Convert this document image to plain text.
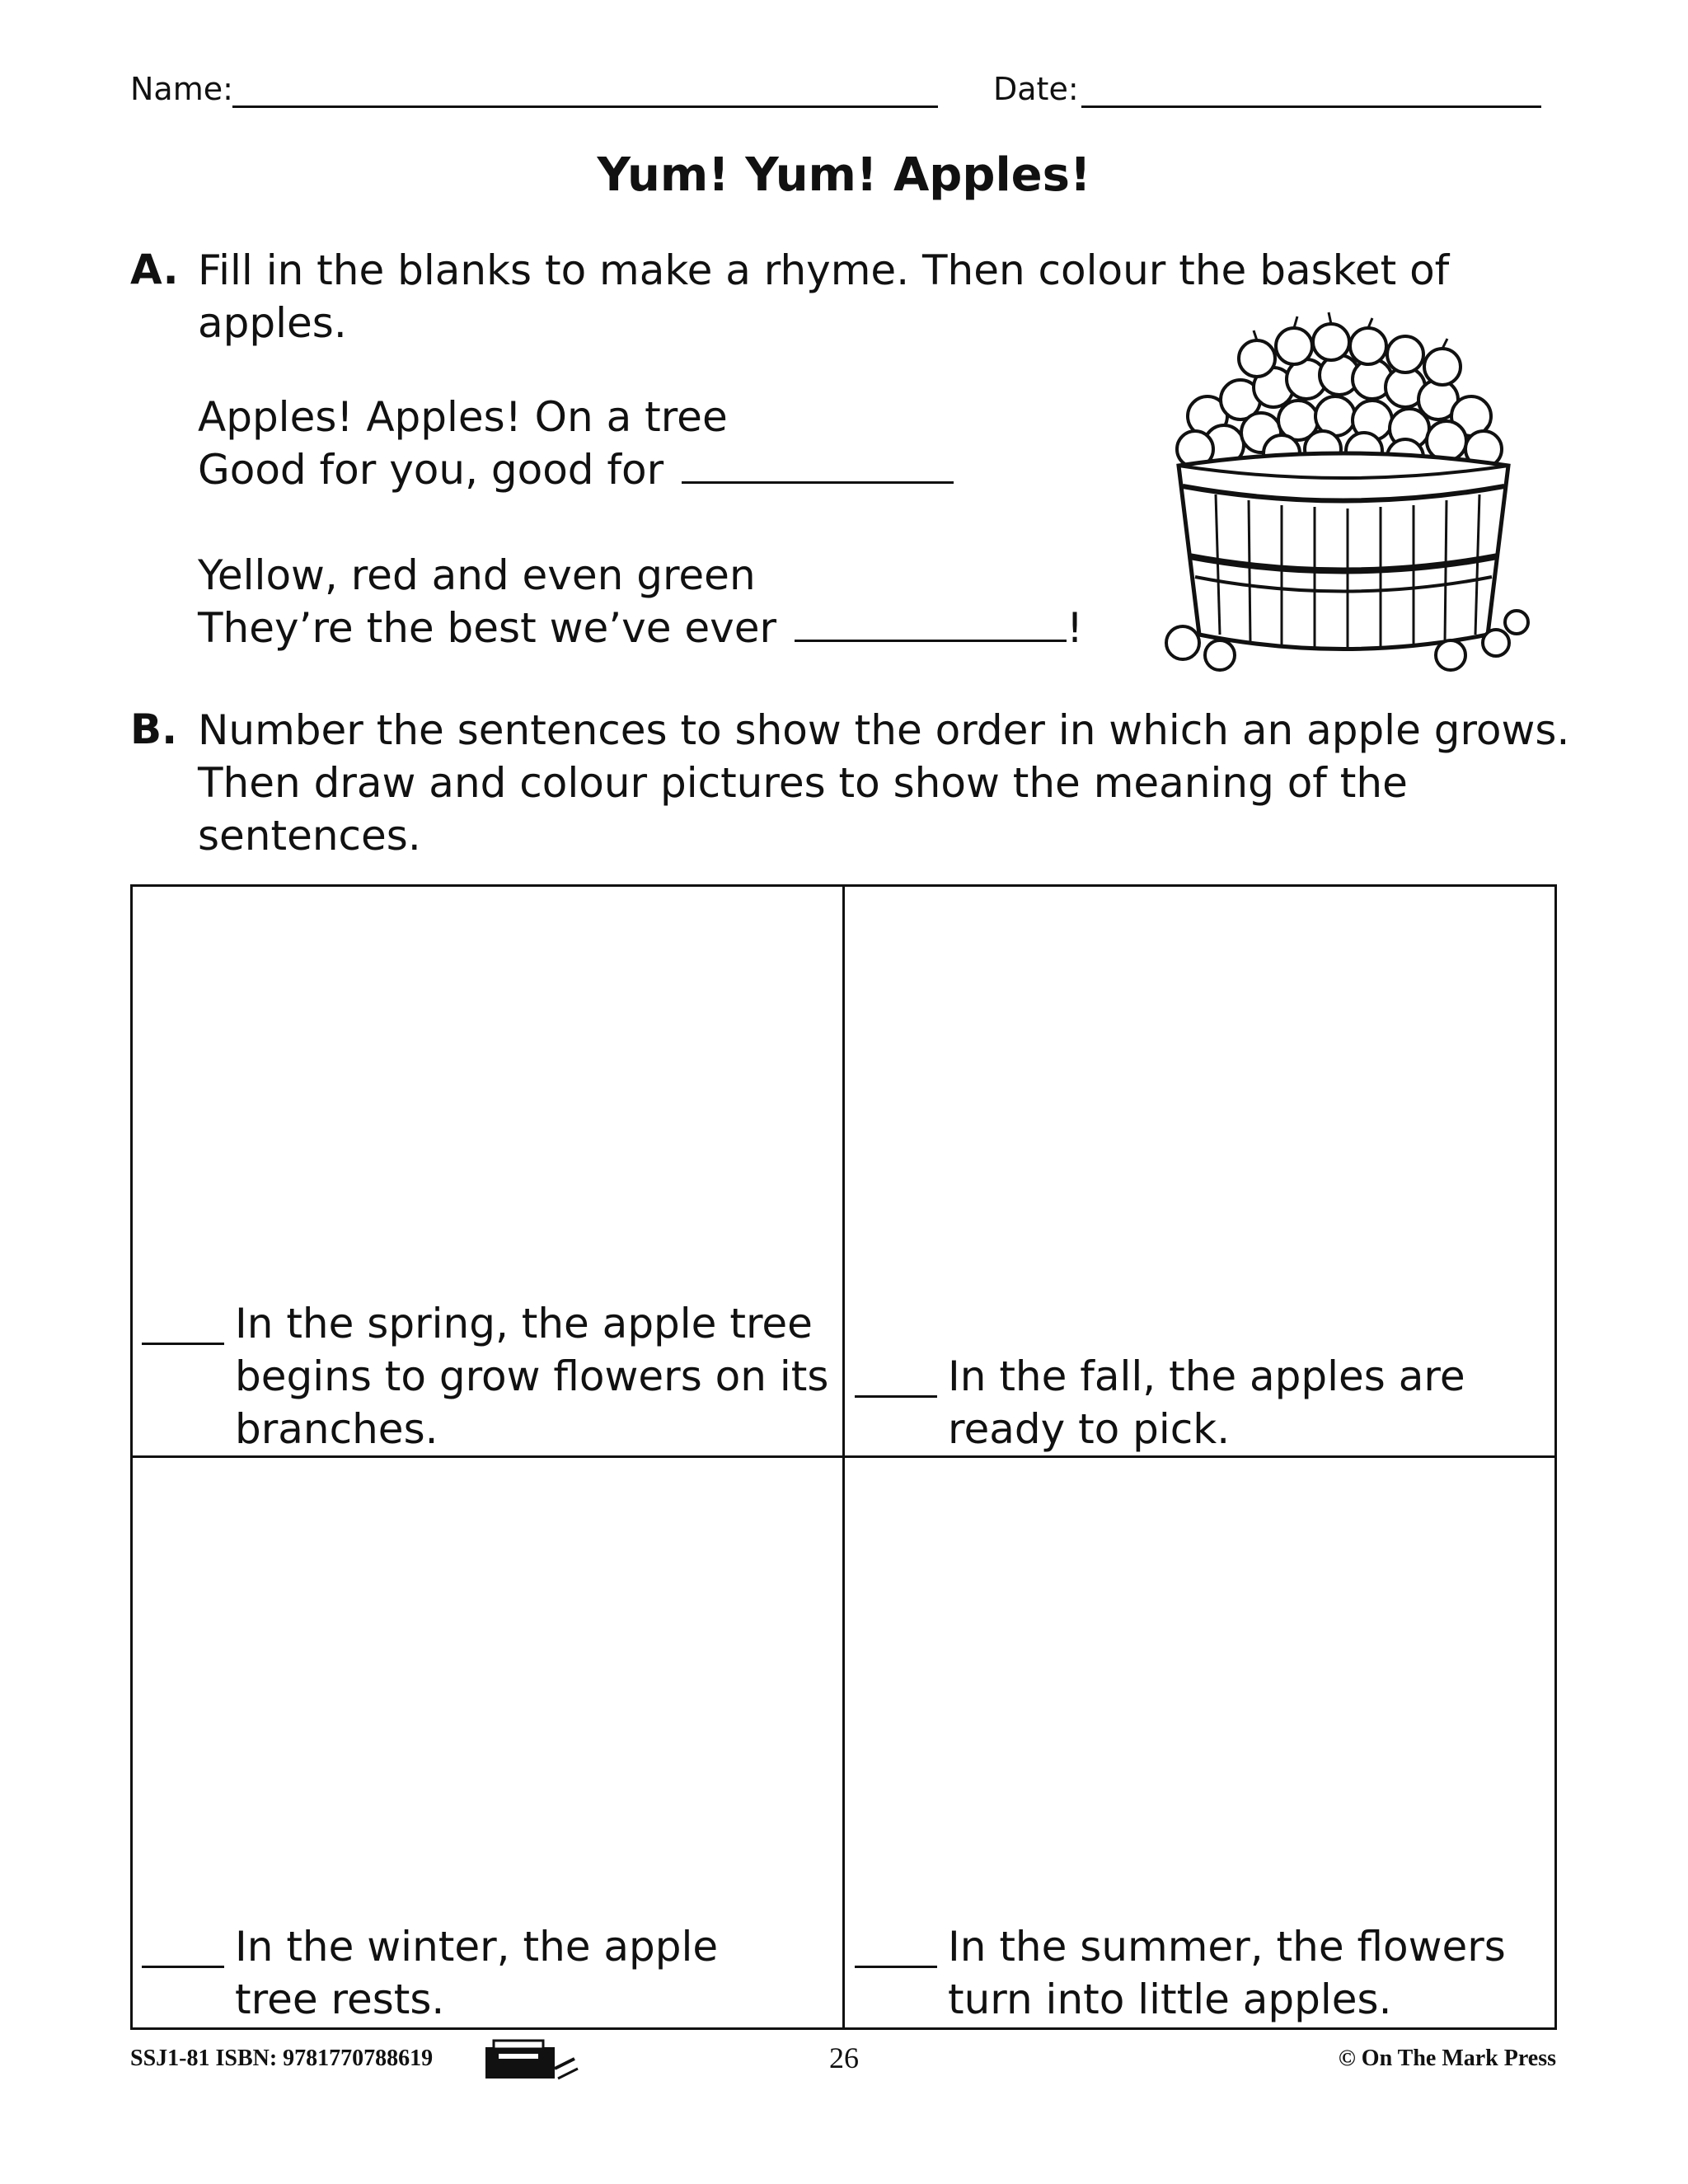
Name:	Date:
Yum! Yum! Apples!
A. Fill in the blanks to make a rhyme. Then colour the basket of
apples.
Apples! Apples! On a tree
Good for you, good for
Yellow, red and even green
They’re the best we’ve ever	!
B. Number the sentences to show the order in which an apple grows.
Then draw and colour pictures to show the meaning of the
sentences.
In the spring, the apple tree
begins to grow flowers on its
branches.
In the fall, the apples are
ready to pick.
In the winter, the apple
tree rests.
In the summer, the flowers
turn into little apples.
SSJ1-81 ISBN: 9781770788619	26	© On The Mark Press
